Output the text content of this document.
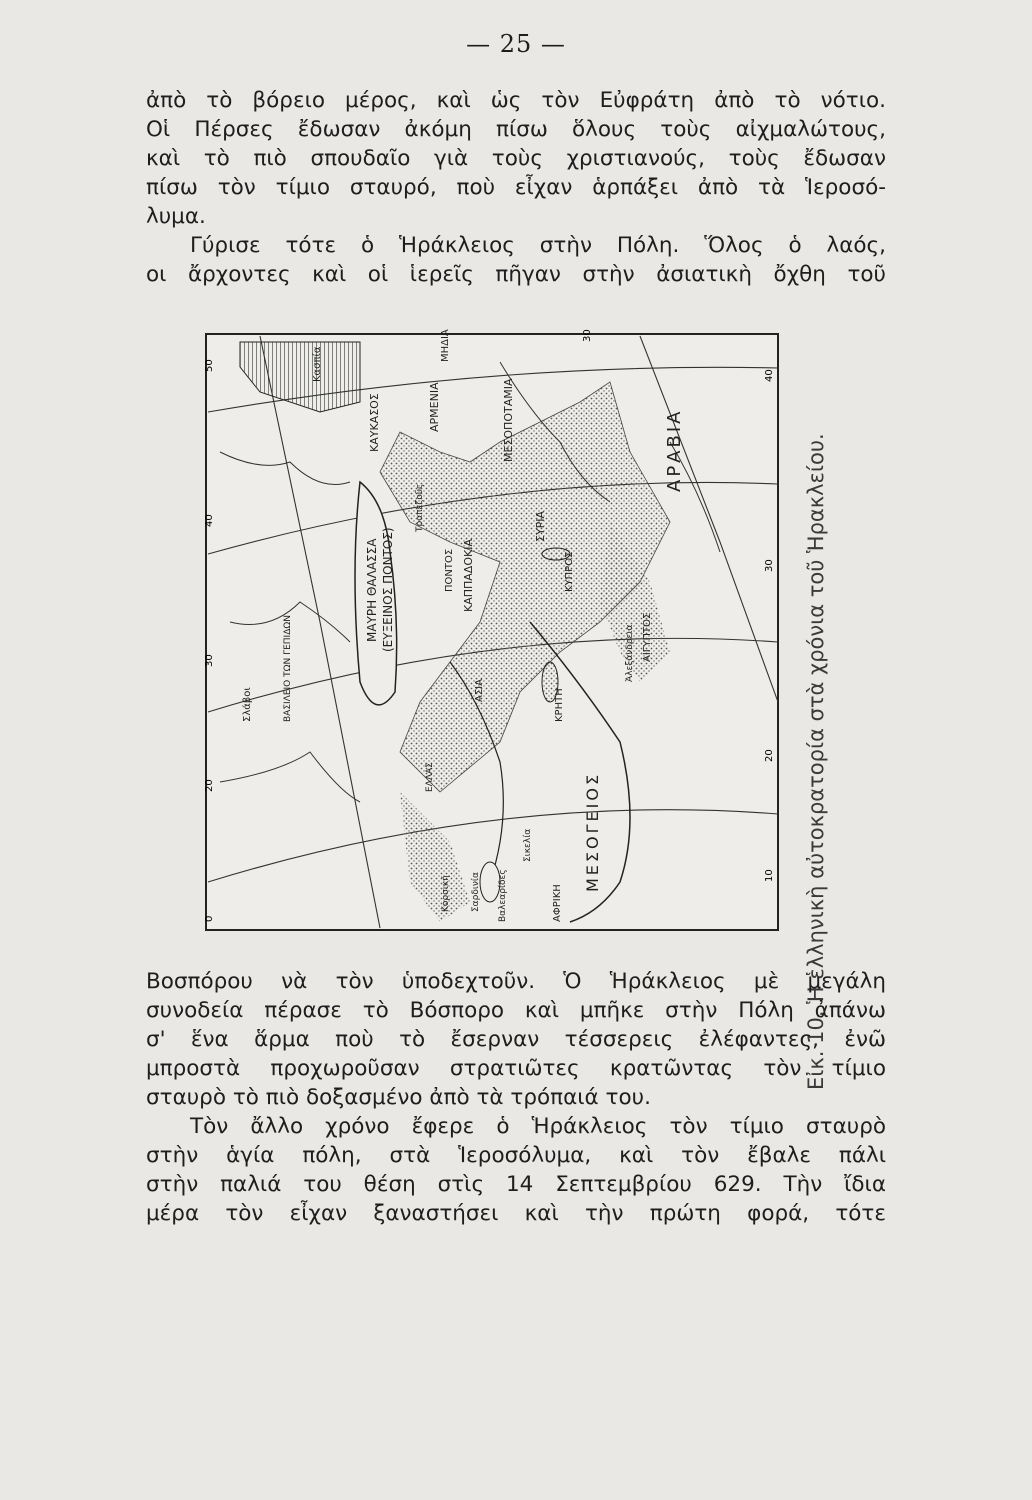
— 25 —
ἀπὸ τὸ βόρειο μέρος, καὶ ὡς τὸν Εὐφράτη ἀπὸ τὸ νότιο.
Οἱ Πέρσες ἔδωσαν ἀκόμη πίσω ὅλους τοὺς αἰχμαλώτους,
καὶ τὸ πιὸ σπουδαῖο γιὰ τοὺς χριστιανούς, τοὺς ἔδωσαν
πίσω τὸν τίμιο σταυρό, ποὺ εἶχαν ἁρπάξει ἀπὸ τὰ Ἱεροσό-
λυμα.
Γύρισε τότε ὁ Ἡράκλειος στὴν Πόλη. Ὅλος ὁ λαός,
οι ἄρχοντες καὶ οἱ ἱερεῖς πῆγαν στὴν ἀσιατικὴ ὄχθη τοῦ
50
40
30
20
0
20
10
30
40
30
ΑΡΑΒΙΑ
ΜΕΣΟΓΕΙΟΣ
ΜΑΥΡΗ ΘΑΛΑΣΣΑ (ΕΥΞΕΙΝΟΣ ΠΟΝΤΟΣ)
Κασπία
ΚΑΥΚΑΣΟΣ	ΑΡΜΕΝΙΑ	ΜΕΣΟΠΟΤΑΜΙΑ
ΣΥΡΙΑ
ΚΑΠΠΑΔΟΚΙΑ
ΠΟΝΤΟΣ
ΑΣΙΑ
ΚΥΠΡΟΣ
ΚΡΗΤΗ
ΑΙΓΥΠΤΟΣ
Ἀλεξάνδρεια
ΑΦΡΙΚΗ
Σικελία
Σαρδινία
Κορσική	Βαλεαρίδες
ΒΑΣΙΛΕΙΟ ΤΩΝ ΓΕΠΙΔΩΝ
Σλάβοι
ΜΗΔΙΑ
ΕΛΛΑΣ
Τραπεζοῦς	Εἰκ. 10. Ἡ ἑλληνικὴ αὐτοκρατορία στὰ χρόνια τοῦ Ἡρακλείου.
Βοσπόρου νὰ τὸν ὑποδεχτοῦν. Ὁ Ἡράκλειος μὲ μεγάλη
συνοδεία πέρασε τὸ Βόσπορο καὶ μπῆκε στὴν Πόλη ἀπάνω
σ' ἕνα ἅρμα ποὺ τὸ ἔσερναν τέσσερεις ἐλέφαντες, ἐνῶ
μπροστὰ προχωροῦσαν στρατιῶτες κρατῶντας τὸν τίμιο
σταυρὸ τὸ πιὸ δοξασμένο ἀπὸ τὰ τρόπαιά του.
Τὸν ἄλλο χρόνο ἔφερε ὁ Ἡράκλειος τὸν τίμιο σταυρὸ
στὴν ἁγία πόλη, στὰ Ἱεροσόλυμα, καὶ τὸν ἔβαλε πάλι
στὴν παλιά του θέση στὶς 14 Σεπτεμβρίου 629. Τὴν ἴδια
μέρα τὸν εἶχαν ξαναστήσει καὶ τὴν πρώτη φορά, τότε
